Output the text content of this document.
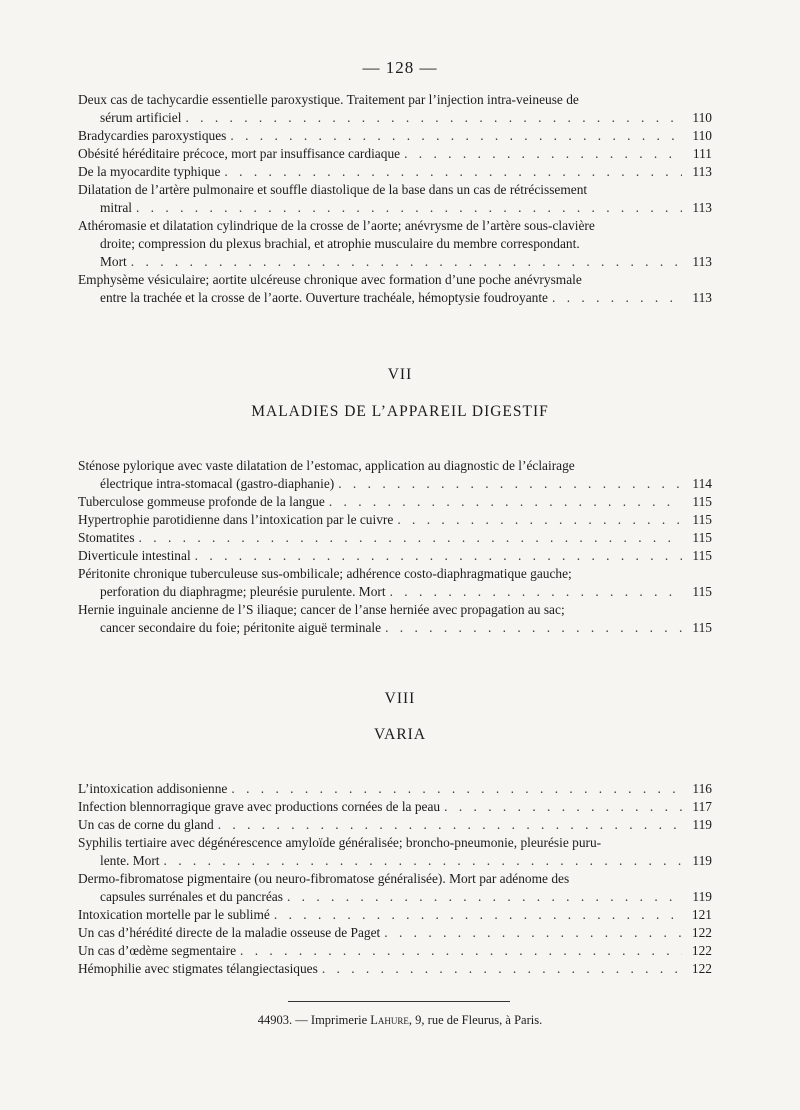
— 128 —
Deux cas de tachycardie essentielle paroxystique. Traitement par l’injection intra-veineuse de
sérum artificiel . . .	110
Bradycardies paroxystiques . . .	110
Obésité héréditaire précoce, mort par insuffisance cardiaque . . .	111
De la myocardite typhique . . .	113
Dilatation de l’artère pulmonaire et souffle diastolique de la base dans un cas de rétrécissement
mitral . . .	113
Athéromasie et dilatation cylindrique de la crosse de l’aorte; anévrysme de l’artère sous-clavière
droite; compression du plexus brachial, et atrophie musculaire du membre correspondant.
Mort . . .	113
Emphysème vésiculaire; aortite ulcéreuse chronique avec formation d’une poche anévrysmale
entre la trachée et la crosse de l’aorte. Ouverture trachéale, hémoptysie foudroyante . . .	113
VII
MALADIES DE L’APPAREIL DIGESTIF
Sténose pylorique avec vaste dilatation de l’estomac, application au diagnostic de l’éclairage
électrique intra-stomacal (gastro-diaphanie) . . .	114
Tuberculose gommeuse profonde de la langue . . .	115
Hypertrophie parotidienne dans l’intoxication par le cuivre . . .	115
Stomatites . . .	115
Diverticule intestinal . . .	115
Péritonite chronique tuberculeuse sus-ombilicale; adhérence costo-diaphragmatique gauche;
perforation du diaphragme; pleurésie purulente. Mort . . .	115
Hernie inguinale ancienne de l’S iliaque; cancer de l’anse herniée avec propagation au sac;
cancer secondaire du foie; péritonite aiguë terminale . . .	115
VIII
VARIA
L’intoxication addisonienne . . .	116
Infection blennorragique grave avec productions cornées de la peau . . .	117
Un cas de corne du gland . . .	119
Syphilis tertiaire avec dégénérescence amyloïde généralisée; broncho-pneumonie, pleurésie puru-
lente. Mort . . .	119
Dermo-fibromatose pigmentaire (ou neuro-fibromatose généralisée). Mort par adénome des
capsules surrénales et du pancréas . . .	119
Intoxication mortelle par le sublimé . . .	121
Un cas d’hérédité directe de la maladie osseuse de Paget . . .	122
Un cas d’œdème segmentaire . . .	122
Hémophilie avec stigmates télangiectasiques . . .	122
44903. — Imprimerie Lahure, 9, rue de Fleurus, à Paris.
